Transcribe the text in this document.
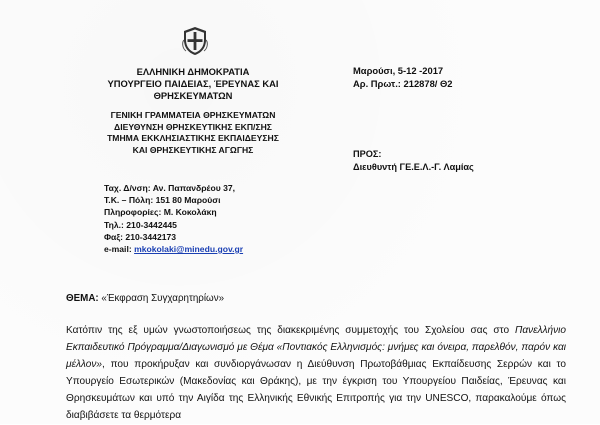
ΕΛΛΗΝΙΚΗ ΔΗΜΟΚΡΑΤΙΑ
ΥΠΟΥΡΓΕΙΟ ΠΑΙΔΕΙΑΣ, ΈΡΕΥΝΑΣ ΚΑΙ
ΘΡΗΣΚΕΥΜΑΤΩΝ
ΓΕΝΙΚΗ ΓΡΑΜΜΑΤΕΙΑ ΘΡΗΣΚΕΥΜΑΤΩΝ
ΔΙΕΥΘΥΝΣΗ ΘΡΗΣΚΕΥΤΙΚΗΣ ΕΚΠ/ΣΗΣ
ΤΜΗΜΑ ΕΚΚΛΗΣΙΑΣΤΙΚΗΣ ΕΚΠΑΙΔΕΥΣΗΣ
ΚΑΙ ΘΡΗΣΚΕΥΤΙΚΗΣ ΑΓΩΓΗΣ
Ταχ. Δ/νση: Αν. Παπανδρέου 37,
Τ.Κ. – Πόλη: 151 80 Μαρούσι
Πληροφορίες: Μ. Κοκολάκη
Τηλ.: 210-3442445
Φαξ: 210-3442173
e-mail: mkokolaki@minedu.gov.gr
Μαρούσι, 5-12 -2017
Αρ. Πρωτ.: 212878/ Θ2
ΠΡΟΣ:
Διευθυντή ΓΕ.Ε.Λ.-Γ. Λαμίας
ΘΕΜΑ: «Έκφραση Συγχαρητηρίων»
Κατόπιν της εξ υμών γνωστοποιήσεως της διακεκριμένης συμμετοχής του Σχολείου σας στο Πανελλήνιο Εκπαιδευτικό Πρόγραμμα/Διαγωνισμό με Θέμα «Ποντιακός Ελληνισμός: μνήμες και όνειρα, παρελθόν, παρόν και μέλλον», που προκήρυξαν και συνδιοργάνωσαν η Διεύθυνση Πρωτοβάθμιας Εκπαίδευσης Σερρών και το Υπουργείο Εσωτερικών (Μακεδονίας και Θράκης), με την έγκριση του Υπουργείου Παιδείας, Έρευνας και Θρησκευμάτων και υπό την Αιγίδα της Ελληνικής Εθνικής Επιτροπής για την UNESCO, παρακαλούμε όπως διαβιβάσετε τα θερμότερα
